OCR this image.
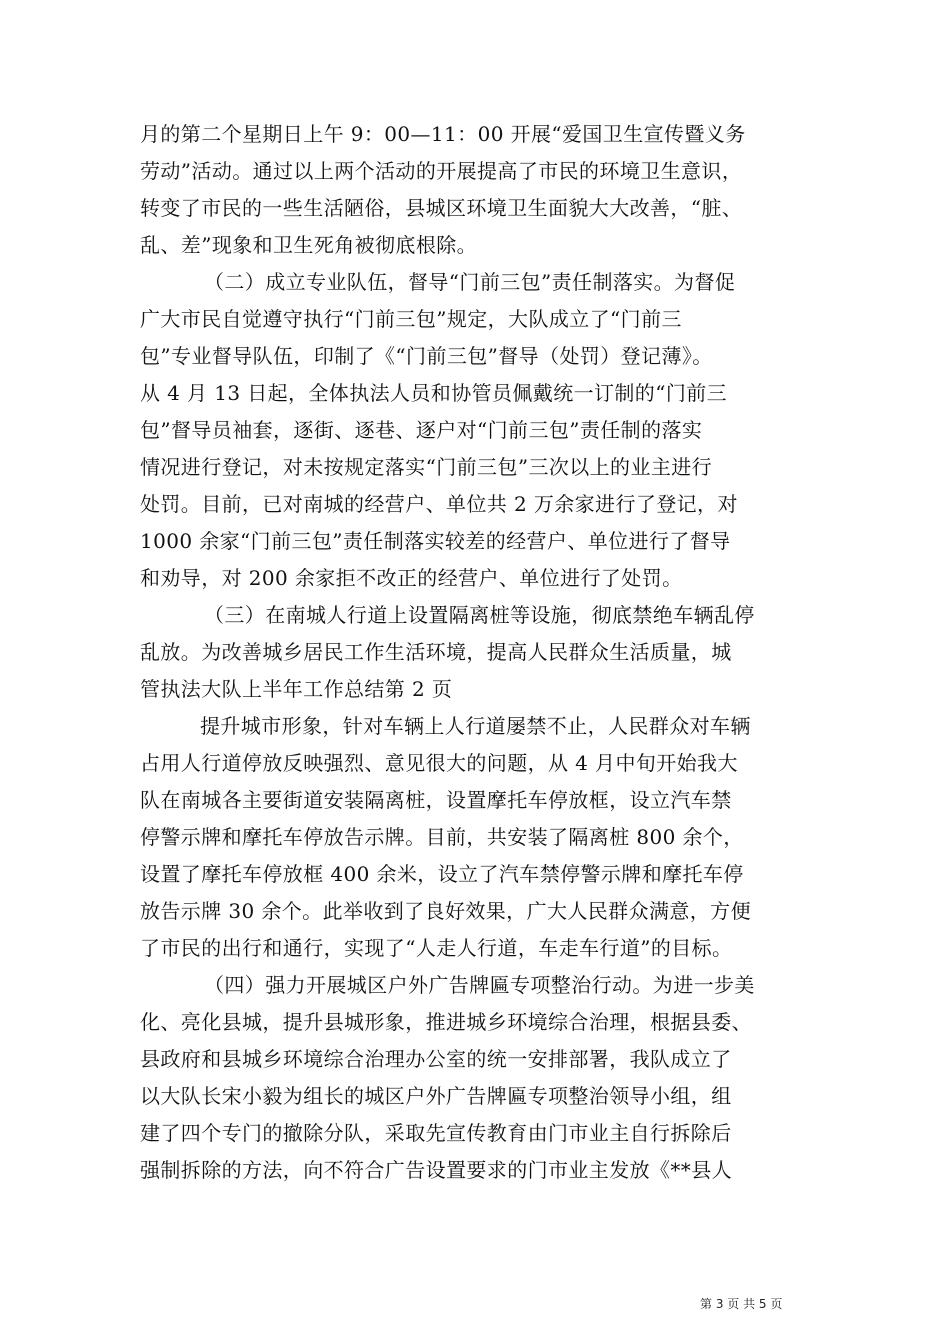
月的第二个星期日上午 9：00—11：00 开展“爱国卫生宣传暨义务
劳动”活动。通过以上两个活动的开展提高了市民的环境卫生意识，
转变了市民的一些生活陋俗，县城区环境卫生面貌大大改善，“脏、
乱、差”现象和卫生死角被彻底根除。
（二）成立专业队伍，督导“门前三包”责任制落实。为督促
广大市民自觉遵守执行“门前三包”规定，大队成立了“门前三
包”专业督导队伍，印制了《“门前三包”督导（处罚）登记薄》。
从 4 月 13 日起，全体执法人员和协管员佩戴统一订制的“门前三
包”督导员袖套，逐街、逐巷、逐户对“门前三包”责任制的落实
情况进行登记，对未按规定落实“门前三包”三次以上的业主进行
处罚。目前，已对南城的经营户、单位共 2 万余家进行了登记，对
1000 余家“门前三包”责任制落实较差的经营户、单位进行了督导
和劝导，对 200 余家拒不改正的经营户、单位进行了处罚。
（三）在南城人行道上设置隔离桩等设施，彻底禁绝车辆乱停
乱放。为改善城乡居民工作生活环境，提高人民群众生活质量，城
管执法大队上半年工作总结第 2 页
提升城市形象，针对车辆上人行道屡禁不止，人民群众对车辆
占用人行道停放反映强烈、意见很大的问题，从 4 月中旬开始我大
队在南城各主要街道安装隔离桩，设置摩托车停放框，设立汽车禁
停警示牌和摩托车停放告示牌。目前，共安装了隔离桩 800 余个，
设置了摩托车停放框 400 余米，设立了汽车禁停警示牌和摩托车停
放告示牌 30 余个。此举收到了良好效果，广大人民群众满意，方便
了市民的出行和通行，实现了“人走人行道，车走车行道”的目标。
（四）强力开展城区户外广告牌匾专项整治行动。为进一步美
化、亮化县城，提升县城形象，推进城乡环境综合治理，根据县委、
县政府和县城乡环境综合治理办公室的统一安排部署，我队成立了
以大队长宋小毅为组长的城区户外广告牌匾专项整治领导小组，组
建了四个专门的撤除分队，采取先宣传教育由门市业主自行拆除后
强制拆除的方法，向不符合广告设置要求的门市业主发放《**县人
第 3 页 共 5 页
